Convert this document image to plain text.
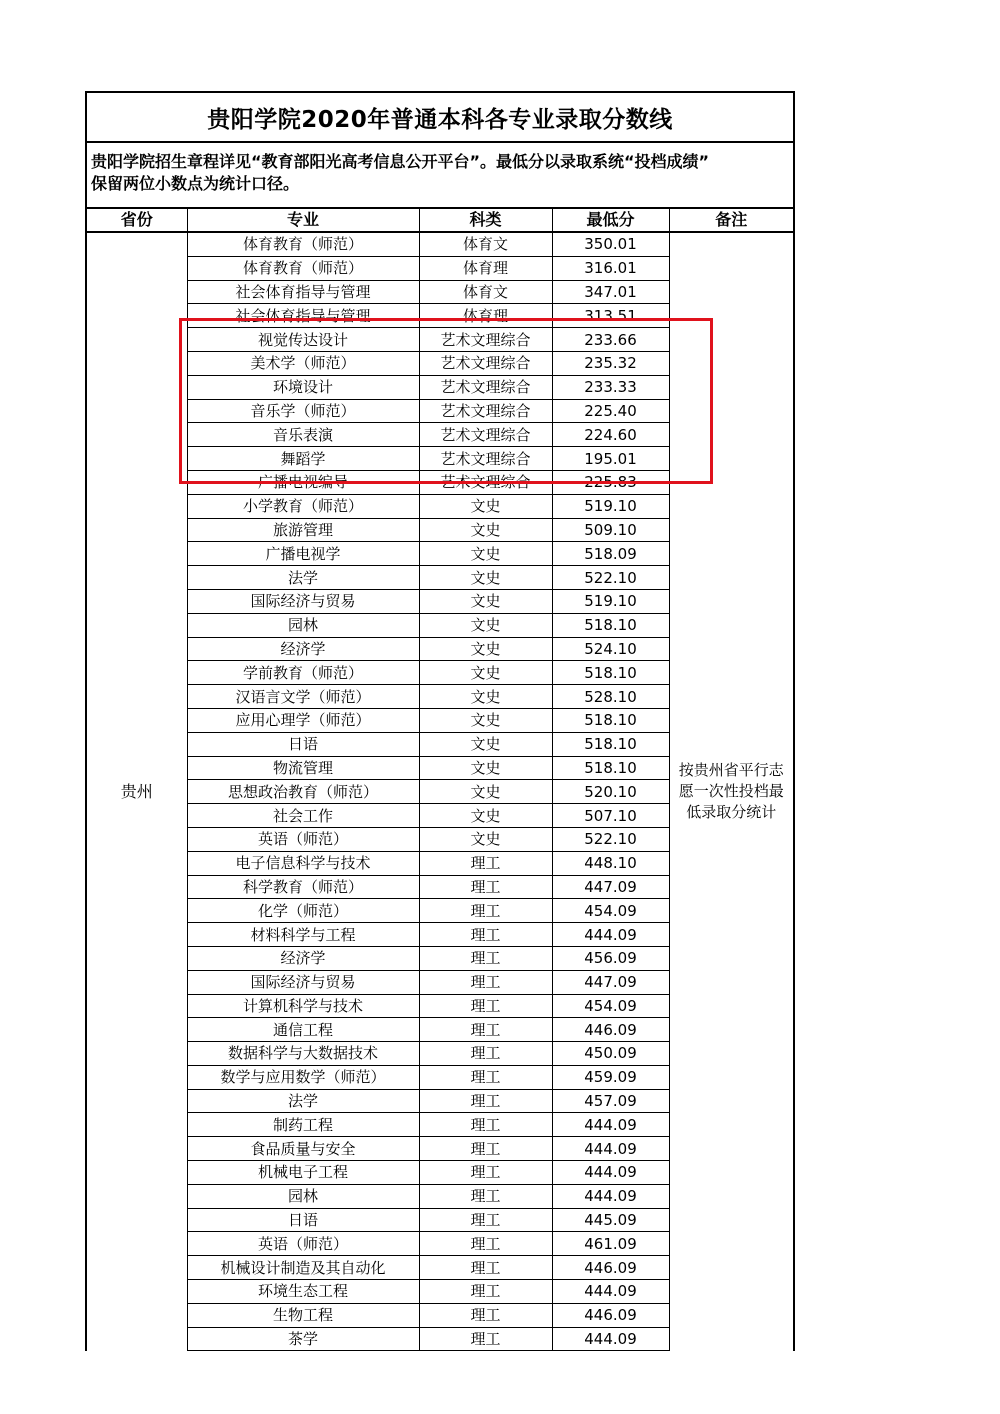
贵阳学院2020年普通本科各专业录取分数线
贵阳学院招生章程详见“教育部阳光高考信息公开平台”。最低分以录取系统“投档成绩”
保留两位小数点为统计口径。
省份	专业	科类	最低分	备注
贵州	体育教育（师范）	体育文	350.01	按贵州省平行志愿一次性投档最低录取分统计
	体育教育（师范）	体育理	316.01	
	社会体育指导与管理	体育文	347.01	
	社会体育指导与管理	体育理	313.51	
	视觉传达设计	艺术文理综合	233.66	
	美术学（师范）	艺术文理综合	235.32	
	环境设计	艺术文理综合	233.33	
	音乐学（师范）	艺术文理综合	225.40	
	音乐表演	艺术文理综合	224.60	
	舞蹈学	艺术文理综合	195.01	
	广播电视编导	艺术文理综合	225.83	
	小学教育（师范）	文史	519.10	
	旅游管理	文史	509.10	
	广播电视学	文史	518.09	
	法学	文史	522.10	
	国际经济与贸易	文史	519.10	
	园林	文史	518.10	
	经济学	文史	524.10	
	学前教育（师范）	文史	518.10	
	汉语言文学（师范）	文史	528.10	
	应用心理学（师范）	文史	518.10	
	日语	文史	518.10	
	物流管理	文史	518.10	
	思想政治教育（师范）	文史	520.10	
	社会工作	文史	507.10	
	英语（师范）	文史	522.10	
	电子信息科学与技术	理工	448.10	
	科学教育（师范）	理工	447.09	
	化学（师范）	理工	454.09	
	材料科学与工程	理工	444.09	
	经济学	理工	456.09	
	国际经济与贸易	理工	447.09	
	计算机科学与技术	理工	454.09	
	通信工程	理工	446.09	
	数据科学与大数据技术	理工	450.09	
	数学与应用数学（师范）	理工	459.09	
	法学	理工	457.09	
	制药工程	理工	444.09	
	食品质量与安全	理工	444.09	
	机械电子工程	理工	444.09	
	园林	理工	444.09	
	日语	理工	445.09	
	英语（师范）	理工	461.09	
	机械设计制造及其自动化	理工	446.09	
	环境生态工程	理工	444.09	
	生物工程	理工	446.09	
	茶学	理工	444.09	
